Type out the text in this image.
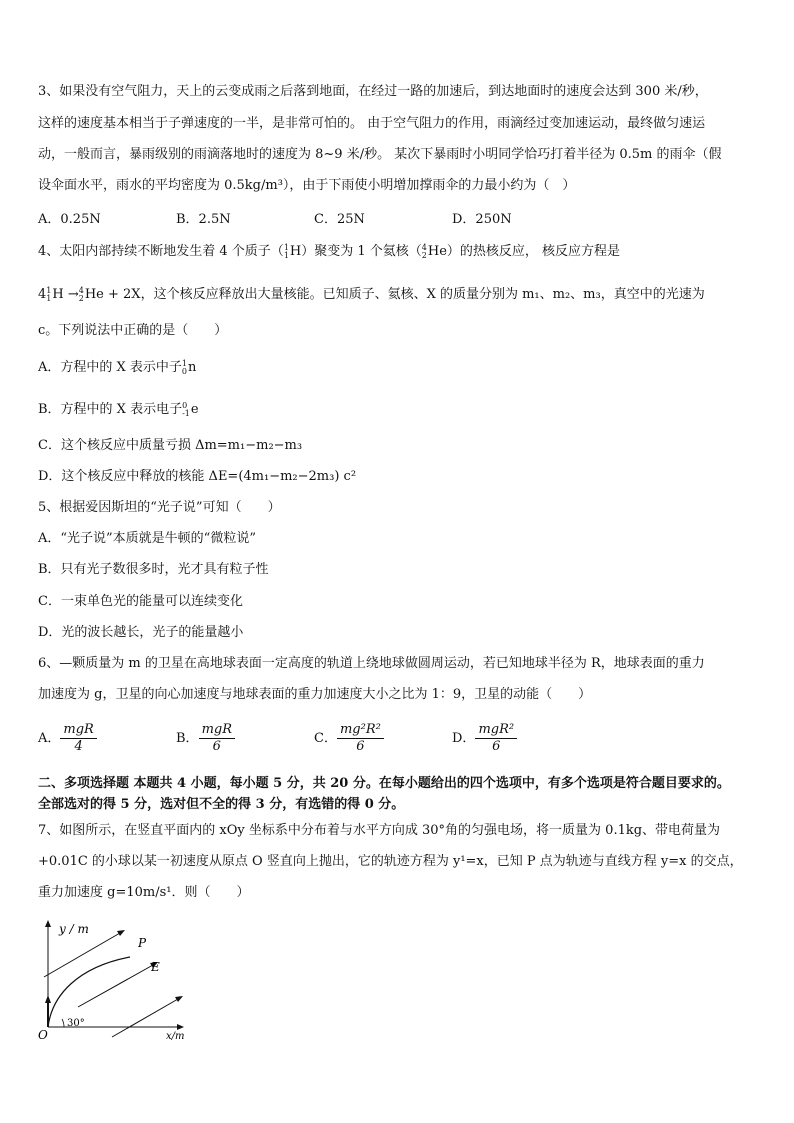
3、如果没有空气阻力，天上的云变成雨之后落到地面，在经过一路的加速后，到达地面时的速度会达到 300 米/秒，
这样的速度基本相当于子弹速度的一半，是非常可怕的。 由于空气阻力的作用，雨滴经过变加速运动，最终做匀速运
动，一般而言，暴雨级别的雨滴落地时的速度为 8~9 米/秒。 某次下暴雨时小明同学恰巧打着半径为 0.5m 的雨伞（假
设伞面水平，雨水的平均密度为 0.5kg/m³），由于下雨使小明增加撑雨伞的力最小约为（　）
A．0.25N	B．2.5N	C．25N	D．250N
4、太阳内部持续不断地发生着 4 个质子（ 1
1 H）聚变为 1 个氦核（ 4
2 He）的热核反应， 核反应方程是
4 1
1 H → 4
2 He + 2X，这个核反应释放出大量核能。已知质子、氦核、X 的质量分别为 m₁、m₂、m₃，真空中的光速为
c。下列说法中正确的是（　　）
A．方程中的 X 表示中子 1
0 n
B．方程中的 X 表示电子 0
-1 e
C．这个核反应中质量亏损 Δm=m₁−m₂−m₃
D．这个核反应中释放的核能 ΔE=(4m₁−m₂−2m₃) c²
5、根据爱因斯坦的“光子说”可知（　　）
A．“光子说”本质就是牛顿的“微粒说”
B．只有光子数很多时，光才具有粒子性
C．一束单色光的能量可以连续变化
D．光的波长越长，光子的能量越小
6、—颗质量为 m 的卫星在高地球表面一定高度的轨道上绕地球做圆周运动，若已知地球半径为 R，地球表面的重力
加速度为 g，卫星的向心加速度与地球表面的重力加速度大小之比为 1：9，卫星的动能（　　）
A． $\frac{\text{mgR}}{4}$	B． $\frac{\text{mgR}}{6}$	C． $\frac{\text{mg²R²}}{6}$	D． $\frac{\text{mgR²}}{6}$
二、多项选择题 本题共 4 小题，每小题 5 分，共 20 分。在每小题给出的四个选项中，有多个选项是符合题目要求的。
全部选对的得 5 分，选对但不全的得 3 分，有选错的得 0 分。
7、如图所示，在竖直平面内的 xOy 坐标系中分布着与水平方向成 30°角的匀强电场，将一质量为 0.1kg、带电荷量为
+0.01C 的小球以某一初速度从原点 O 竖直向上抛出，它的轨迹方程为 y¹=x，已知 P 点为轨迹与直线方程 y=x 的交点，
重力加速度 g=10m/s¹．则（　　）
y / m
P
E
30°
O	x/m
